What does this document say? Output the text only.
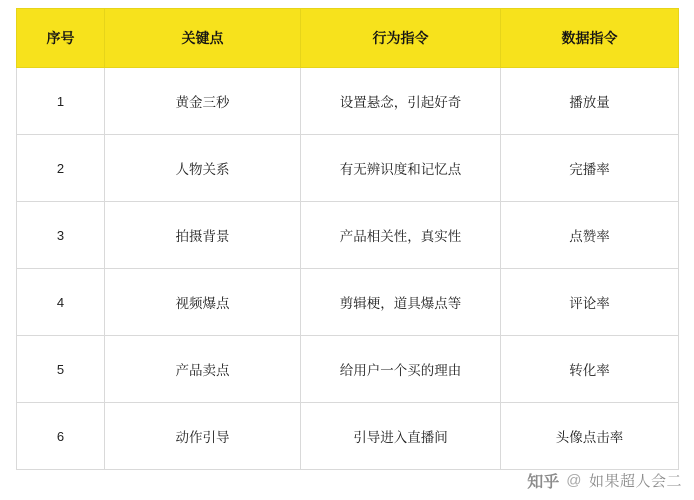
序号	关键点	行为指令	数据指令
1	黄金三秒	设置悬念，引起好奇	播放量
2	人物关系	有无辨识度和记忆点	完播率
3	拍摄背景	产品相关性，真实性	点赞率
4	视频爆点	剪辑梗，道具爆点等	评论率
5	产品卖点	给用户一个买的理由	转化率
6	动作引导	引导进入直播间	头像点击率
知乎 @ 如果超人会二
